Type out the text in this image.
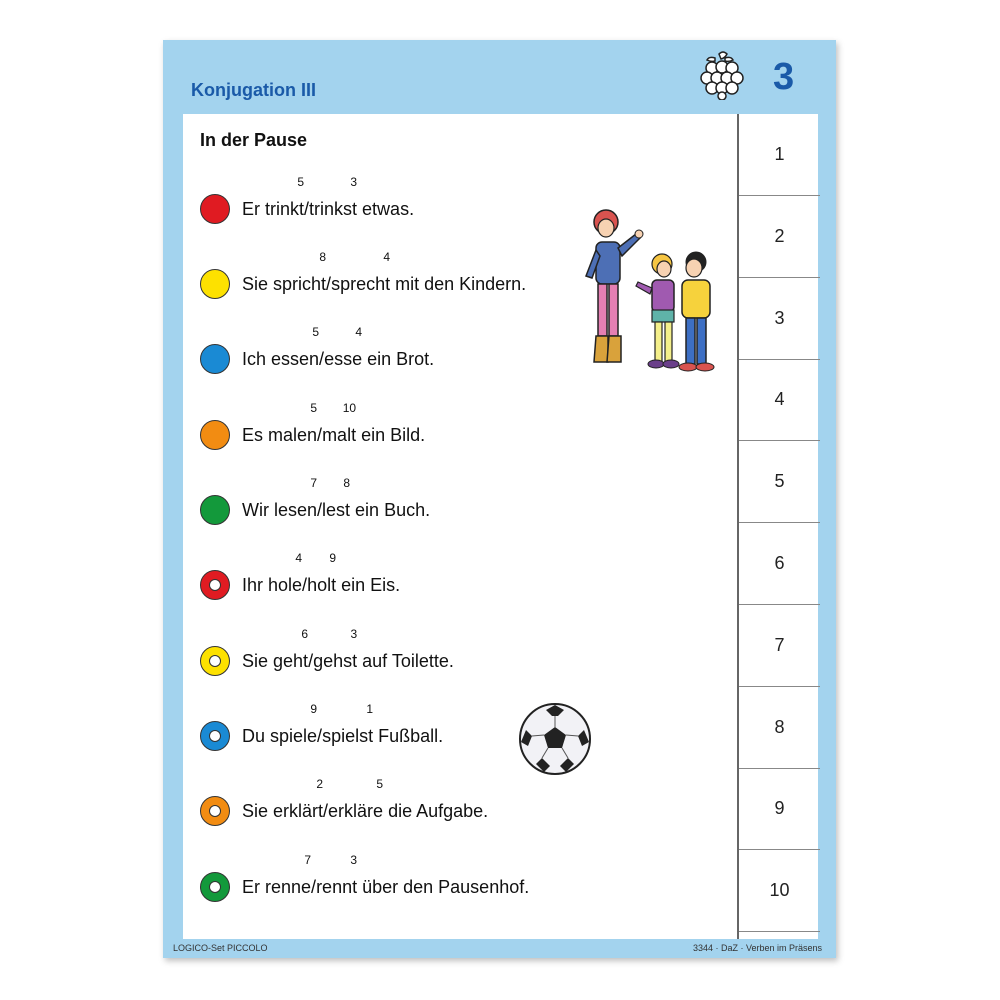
Konjugation III	3
In der Pause
Er trinkt
5
/trinkst
3
etwas.
Sie spricht
8
/sprecht
4
mit den Kindern.
Ich essen
5
/esse
4
ein Brot.
Es malen
5
/malt
10
ein Bild.
Wir lesen
7
/lest
8
ein Buch.
Ihr hole
4
/holt
9
ein Eis.
Sie geht
6
/gehst
3
auf Toilette.
Du spiele
9
/spielst
1
Fußball.
Sie erklärt
2
/erkläre
5
die Aufgabe.
Er renne
7
/rennt
3
über den Pausenhof.
1
2
3
4
5
6
7
8
9
10
LOGICO-Set PICCOLO	3344 · DaZ · Verben im Präsens
